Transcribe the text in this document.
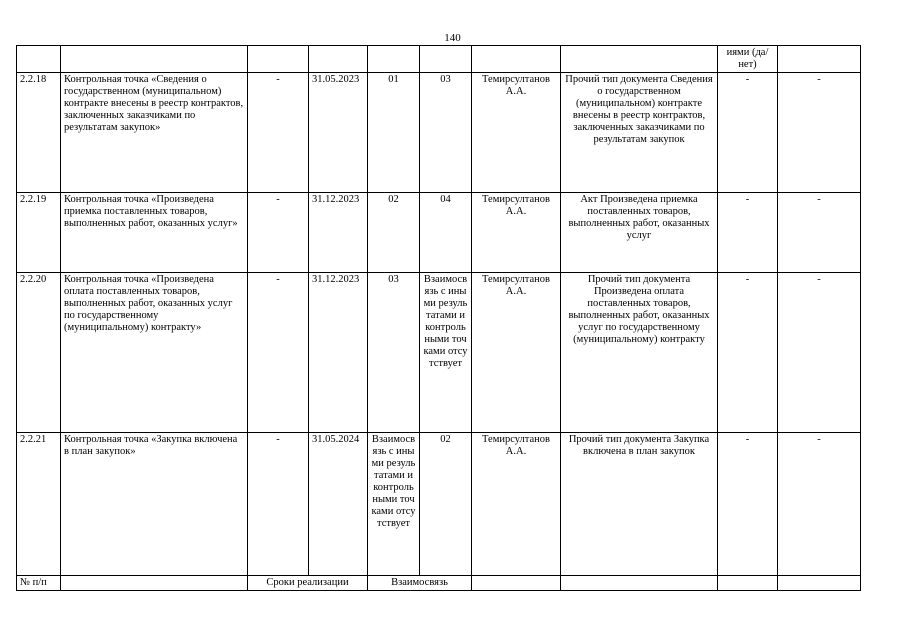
140
								иями (да/нет)	
2.2.18	Контрольная точка «Сведения о государственном (муниципальном) контракте внесены в реестр контрактов, заключенных заказчиками по результатам закупок»	-	31.05.2023	01	03	Темирсултанов А.А.	Прочий тип документа Сведения о государственном (муниципальном) контракте внесены в реестр контрактов, заключенных заказчиками по результатам закупок	-	-
2.2.19	Контрольная точка «Произведена приемка поставленных товаров, выполненных работ, оказанных услуг»	-	31.12.2023	02	04	Темирсултанов А.А.	Акт Произведена приемка поставленных товаров, выполненных работ, оказанных услуг	-	-
2.2.20	Контрольная точка «Произведена оплата поставленных товаров, выполненных работ, оказанных услуг по государственному (муниципальному) контракту»	-	31.12.2023	03	Взаимосвязь с иными результатами и контрольными точками отсутствует	Темирсултанов А.А.	Прочий тип документа Произведена оплата поставленных товаров, выполненных работ, оказанных услуг по государственному (муниципальному) контракту	-	-
2.2.21	Контрольная точка «Закупка включена в план закупок»	-	31.05.2024	Взаимосвязь с иными результатами и контрольными точками отсутствует	02	Темирсултанов А.А.	Прочий тип документа Закупка включена в план закупок	-	-
№ п/п		Сроки реализации		Взаимосвязь					
